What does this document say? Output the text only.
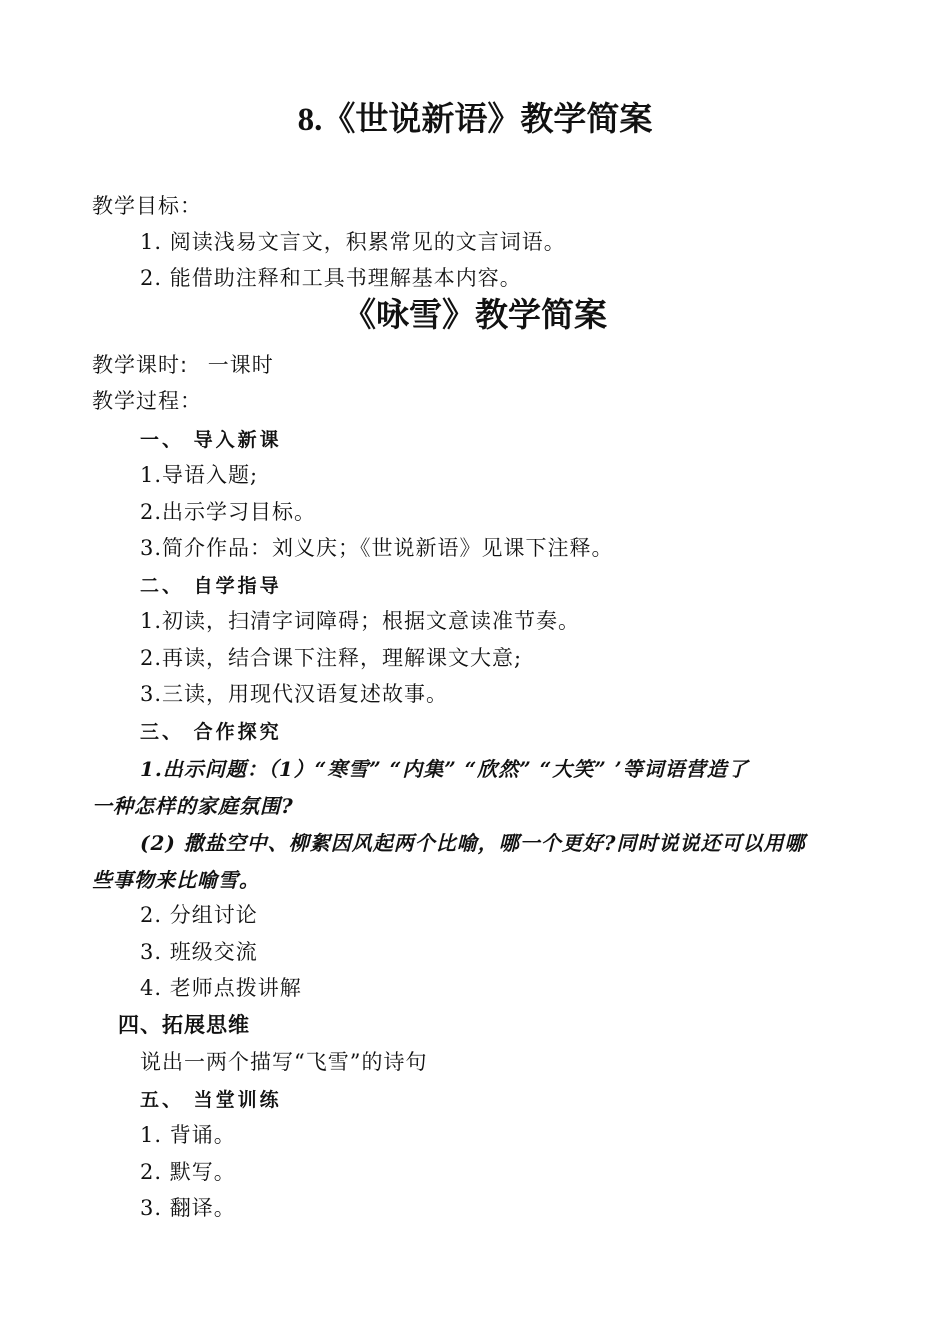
8.《世说新语》教学简案
教学目标：
1. 阅读浅易文言文，积累常见的文言词语。
2. 能借助注释和工具书理解基本内容。
《咏雪》教学简案
教学课时: 一课时
教学过程：
一、 导入新课
1.导语入题;
2.出示学习目标。
3.简介作品：刘义庆；《世说新语》见课下注释。
二、 自学指导
1.初读，扫清字词障碍；根据文意读准节奏。
2.再读，结合课下注释，理解课文大意;
3.三读，用现代汉语复述故事。
三、 合作探究
1.出示问题：（1）“寒雪” “内集” “欣然” “大笑” ’等词语营造了
一种怎样的家庭氛围?
(2) 撒盐空中、柳絮因风起两个比喻，哪一个更好?同时说说还可以用哪
些事物来比喻雪。
2. 分组讨论
3. 班级交流
4. 老师点拨讲解
四、拓展思维
说出一两个描写“飞雪”的诗句
五、 当堂训练
1. 背诵。
2. 默写。
3. 翻译。
